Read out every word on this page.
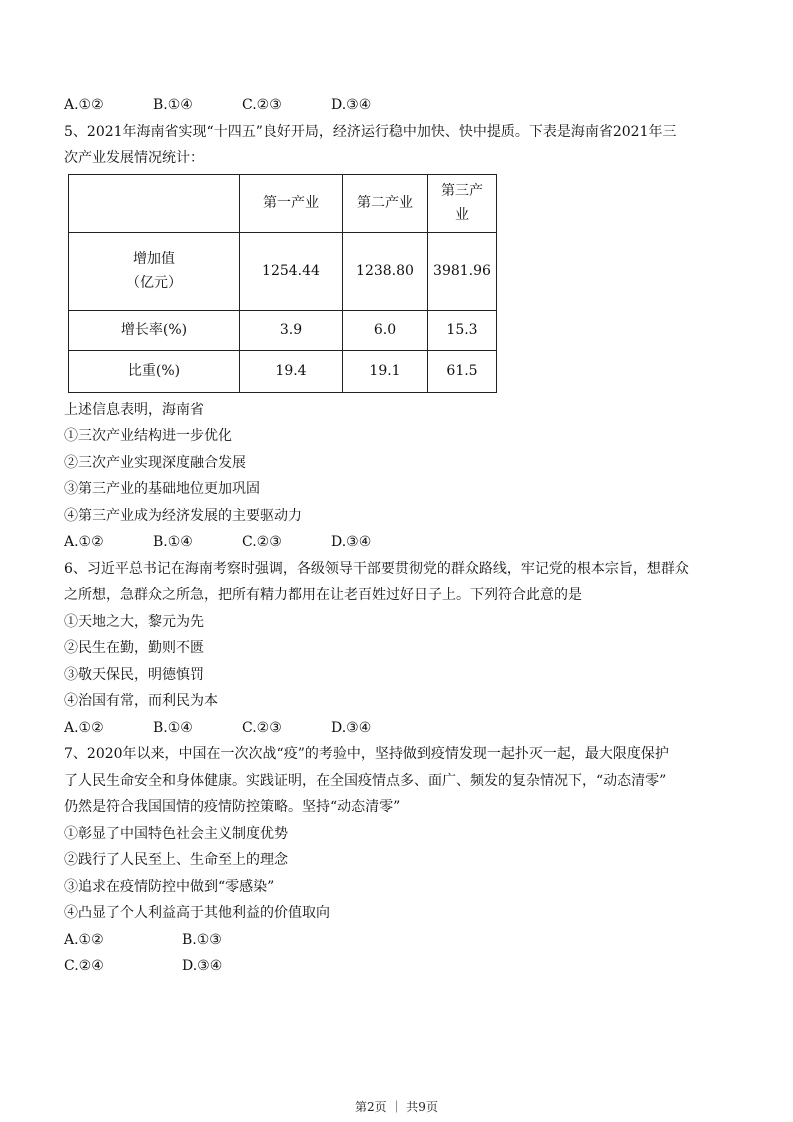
A.①②	B.①④	C.②③	D.③④
5、2021年海南省实现“十四五”良好开局，经济运行稳中加快、快中提质。下表是海南省2021年三
次产业发展情况统计：
	第一产业	第二产业	第三产
业

增加值
（亿元）	1254.44	1238.80	3981.96
增长率(%)	3.9	6.0	15.3
比重(%)	19.4	19.1	61.5
上述信息表明，海南省
①三次产业结构进一步优化
②三次产业实现深度融合发展
③第三产业的基础地位更加巩固
④第三产业成为经济发展的主要驱动力
A.①②	B.①④	C.②③	D.③④
6、习近平总书记在海南考察时强调，各级领导干部要贯彻党的群众路线，牢记党的根本宗旨，想群众
之所想，急群众之所急，把所有精力都用在让老百姓过好日子上。下列符合此意的是
①天地之大，黎元为先
②民生在勤，勤则不匮
③敬天保民，明德慎罚
④治国有常，而利民为本
A.①②	B.①④	C.②③	D.③④
7、2020年以来，中国在一次次战“疫”的考验中，坚持做到疫情发现一起扑灭一起，最大限度保护
了人民生命安全和身体健康。实践证明，在全国疫情点多、面广、频发的复杂情况下，“动态清零”
仍然是符合我国国情的疫情防控策略。坚持“动态清零”
①彰显了中国特色社会主义制度优势
②践行了人民至上、生命至上的理念
③追求在疫情防控中做到“零感染”
④凸显了个人利益高于其他利益的价值取向
A.①②	B.①③
C.②④	D.③④
第2页 ｜ 共9页
